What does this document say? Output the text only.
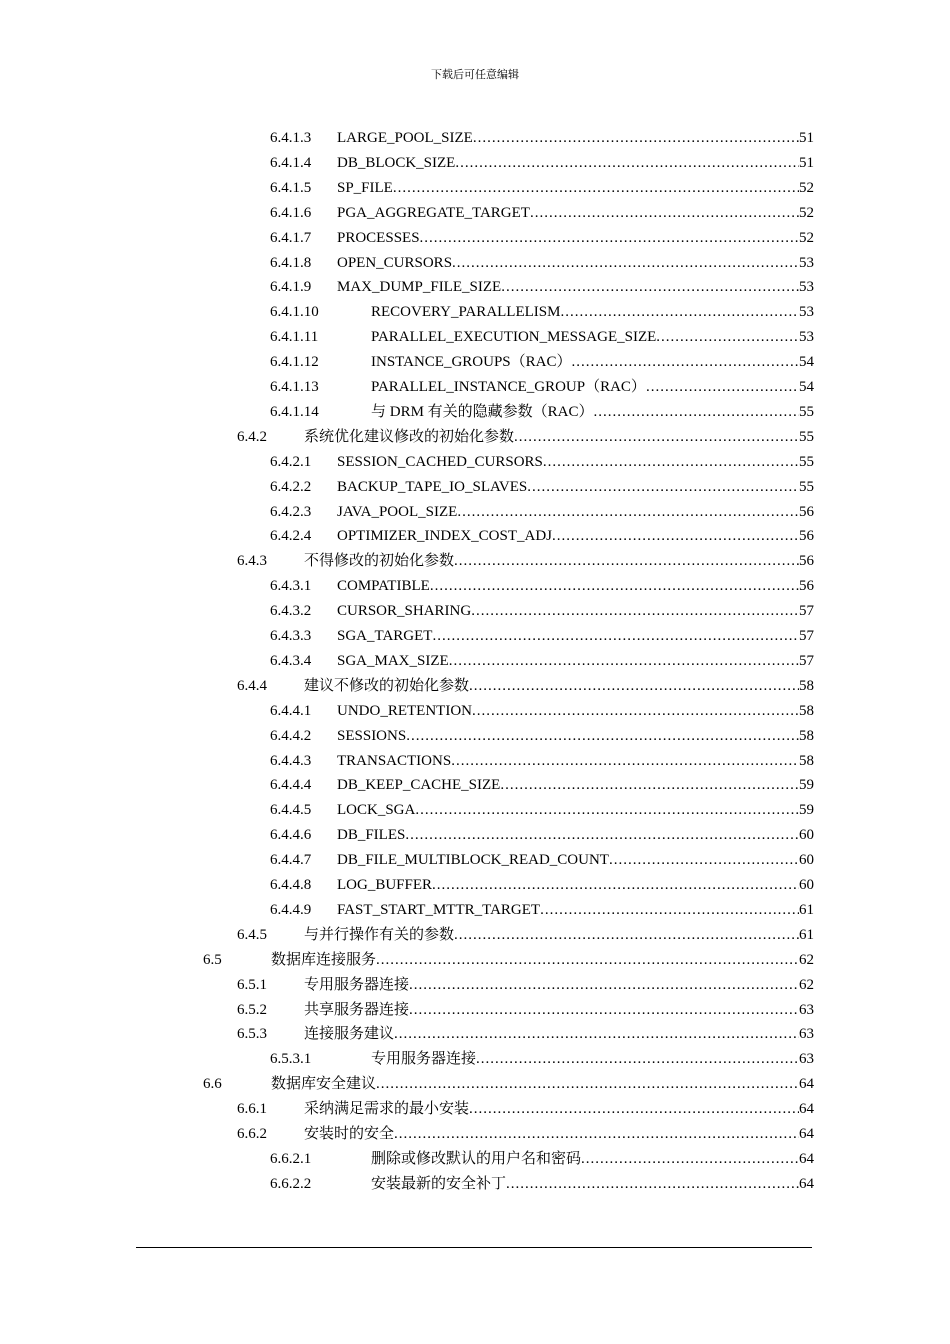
下载后可任意编辑
6.4.1.3 LARGE_POOL_SIZE .....	51
6.4.1.4 DB_BLOCK_SIZE .....	51
6.4.1.5 SP_FILE .....	52
6.4.1.6 PGA_AGGREGATE_TARGET .....	52
6.4.1.7 PROCESSES .....	52
6.4.1.8 OPEN_CURSORS .....	53
6.4.1.9 MAX_DUMP_FILE_SIZE .....	53
6.4.1.10	RECOVERY_PARALLELISM .....	53
6.4.1.11	PARALLEL_EXECUTION_MESSAGE_SIZE .....	53
6.4.1.12	INSTANCE_GROUPS（RAC） .....	54
6.4.1.13	PARALLEL_INSTANCE_GROUP（RAC） .....	54
6.4.1.14	与 DRM 有关的隐藏参数（RAC） .....	55
6.4.2 系统优化建议修改的初始化参数 .....	55
6.4.2.1 SESSION_CACHED_CURSORS .....	55
6.4.2.2 BACKUP_TAPE_IO_SLAVES .....	55
6.4.2.3 JAVA_POOL_SIZE .....	56
6.4.2.4 OPTIMIZER_INDEX_COST_ADJ .....	56
6.4.3 不得修改的初始化参数 .....	56
6.4.3.1 COMPATIBLE .....	56
6.4.3.2 CURSOR_SHARING .....	57
6.4.3.3 SGA_TARGET .....	57
6.4.3.4 SGA_MAX_SIZE .....	57
6.4.4 建议不修改的初始化参数 .....	58
6.4.4.1 UNDO_RETENTION .....	58
6.4.4.2 SESSIONS .....	58
6.4.4.3 TRANSACTIONS .....	58
6.4.4.4 DB_KEEP_CACHE_SIZE .....	59
6.4.4.5 LOCK_SGA .....	59
6.4.4.6 DB_FILES .....	60
6.4.4.7 DB_FILE_MULTIBLOCK_READ_COUNT .....	60
6.4.4.8 LOG_BUFFER .....	60
6.4.4.9 FAST_START_MTTR_TARGET .....	61
6.4.5 与并行操作有关的参数 .....	61
6.5	数据库连接服务 .....	62
6.5.1 专用服务器连接 .....	62
6.5.2 共享服务器连接 .....	63
6.5.3 连接服务建议 .....	63
6.5.3.1	专用服务器连接 .....	63
6.6	数据库安全建议 .....	64
6.6.1 采纳满足需求的最小安装 .....	64
6.6.2 安装时的安全 .....	64
6.6.2.1	删除或修改默认的用户名和密码 .....	64
6.6.2.2	安装最新的安全补丁 .....	64
